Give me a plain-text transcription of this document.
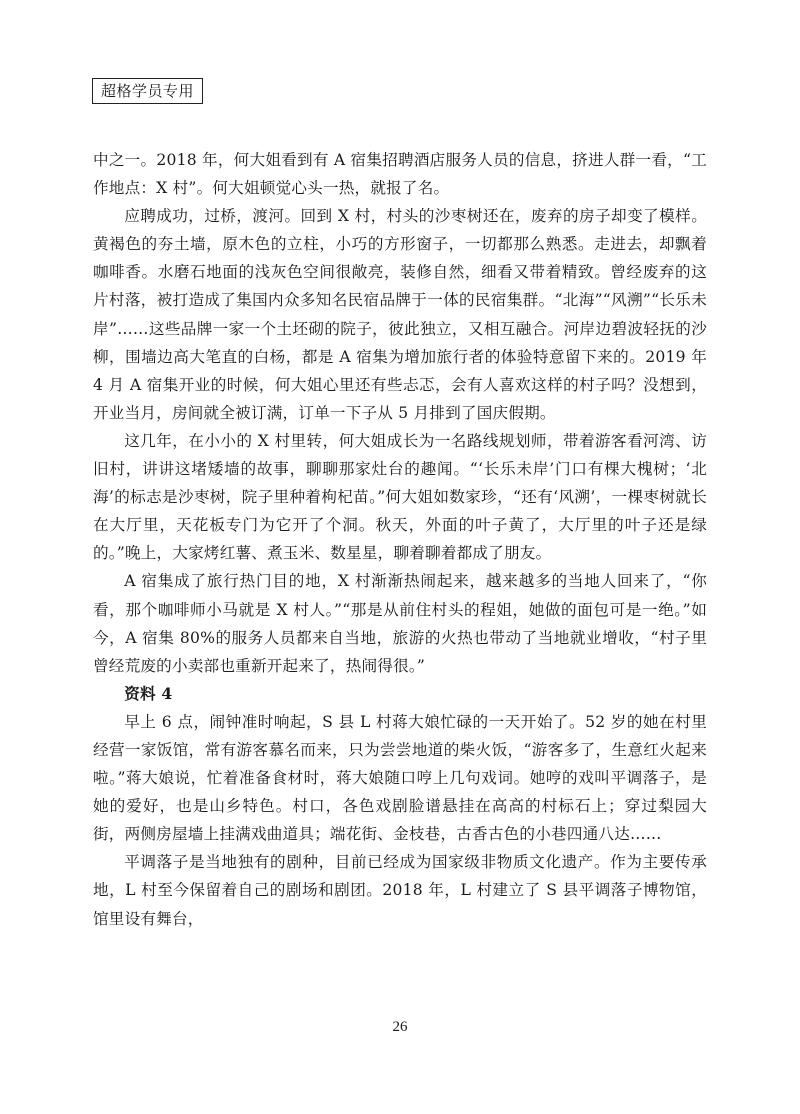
超格学员专用

中之一。2018 年，何大姐看到有 A 宿集招聘酒店服务人员的信息，挤进人群一看，“工作地点：X 村”。何大姐顿觉心头一热，就报了名。

应聘成功，过桥，渡河。回到 X 村，村头的沙枣树还在，废弃的房子却变了模样。黄褐色的夯土墙，原木色的立柱，小巧的方形窗子，一切都那么熟悉。走进去，却飘着咖啡香。水磨石地面的浅灰色空间很敞亮，装修自然，细看又带着精致。曾经废弃的这片村落，被打造成了集国内众多知名民宿品牌于一体的民宿集群。“北海”“风溯”“长乐未岸”……这些品牌一家一个土坯砌的院子，彼此独立，又相互融合。河岸边碧波轻抚的沙柳，围墙边高大笔直的白杨，都是 A 宿集为增加旅行者的体验特意留下来的。2019 年 4 月 A 宿集开业的时候，何大姐心里还有些忐忑，会有人喜欢这样的村子吗？没想到，开业当月，房间就全被订满，订单一下子从 5 月排到了国庆假期。

这几年，在小小的 X 村里转，何大姐成长为一名路线规划师，带着游客看河湾、访旧村，讲讲这堵矮墙的故事，聊聊那家灶台的趣闻。“‘长乐未岸’门口有棵大槐树；‘北海’的标志是沙枣树，院子里种着枸杞苗。”何大姐如数家珍，“还有‘风溯’，一棵枣树就长在大厅里，天花板专门为它开了个洞。秋天，外面的叶子黄了，大厅里的叶子还是绿的。”晚上，大家烤红薯、煮玉米、数星星，聊着聊着都成了朋友。

A 宿集成了旅行热门目的地，X 村渐渐热闹起来，越来越多的当地人回来了，“你看，那个咖啡师小马就是 X 村人。”“那是从前住村头的程姐，她做的面包可是一绝。”如今，A 宿集 80%的服务人员都来自当地，旅游的火热也带动了当地就业增收，“村子里曾经荒废的小卖部也重新开起来了，热闹得很。”

资料 4

早上 6 点，闹钟准时响起，S 县 L 村蒋大娘忙碌的一天开始了。52 岁的她在村里经营一家饭馆，常有游客慕名而来，只为尝尝地道的柴火饭，“游客多了，生意红火起来啦。”蒋大娘说，忙着准备食材时，蒋大娘随口哼上几句戏词。她哼的戏叫平调落子，是她的爱好，也是山乡特色。村口，各色戏剧脸谱悬挂在高高的村标石上；穿过梨园大街，两侧房屋墙上挂满戏曲道具；端花街、金枝巷，古香古色的小巷四通八达……

平调落子是当地独有的剧种，目前已经成为国家级非物质文化遗产。作为主要传承地，L 村至今保留着自己的剧场和剧团。2018 年，L 村建立了 S 县平调落子博物馆，馆里设有舞台，

26
